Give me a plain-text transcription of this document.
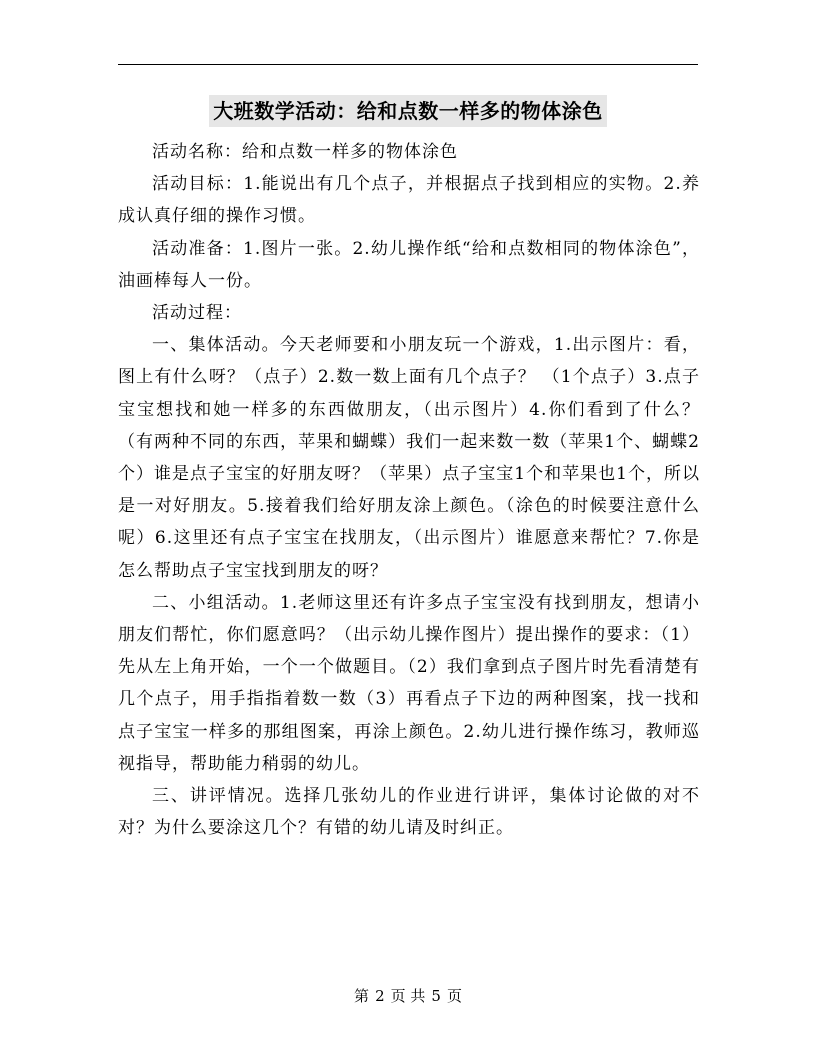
大班数学活动：给和点数一样多的物体涂色

活动名称：给和点数一样多的物体涂色

活动目标：1.能说出有几个点子，并根据点子找到相应的实物。2.养成认真仔细的操作习惯。

活动准备：1.图片一张。2.幼儿操作纸“给和点数相同的物体涂色”，油画棒每人一份。

活动过程：

一、集体活动。今天老师要和小朋友玩一个游戏，1.出示图片：看，图上有什么呀？（点子）2.数一数上面有几个点子？ （1个点子）3.点子宝宝想找和她一样多的东西做朋友，（出示图片）4.你们看到了什么？（有两种不同的东西，苹果和蝴蝶）我们一起来数一数（苹果1个、蝴蝶2个）谁是点子宝宝的好朋友呀？（苹果）点子宝宝1个和苹果也1个，所以是一对好朋友。5.接着我们给好朋友涂上颜色。（涂色的时候要注意什么呢）6.这里还有点子宝宝在找朋友，（出示图片）谁愿意来帮忙？7.你是怎么帮助点子宝宝找到朋友的呀？

二、小组活动。1.老师这里还有许多点子宝宝没有找到朋友，想请小朋友们帮忙，你们愿意吗？（出示幼儿操作图片）提出操作的要求：（1）先从左上角开始，一个一个做题目。（2）我们拿到点子图片时先看清楚有几个点子，用手指指着数一数（3）再看点子下边的两种图案，找一找和点子宝宝一样多的那组图案，再涂上颜色。2.幼儿进行操作练习，教师巡视指导，帮助能力稍弱的幼儿。

三、讲评情况。选择几张幼儿的作业进行讲评，集体讨论做的对不对？为什么要涂这几个？有错的幼儿请及时纠正。

第 2 页 共 5 页
